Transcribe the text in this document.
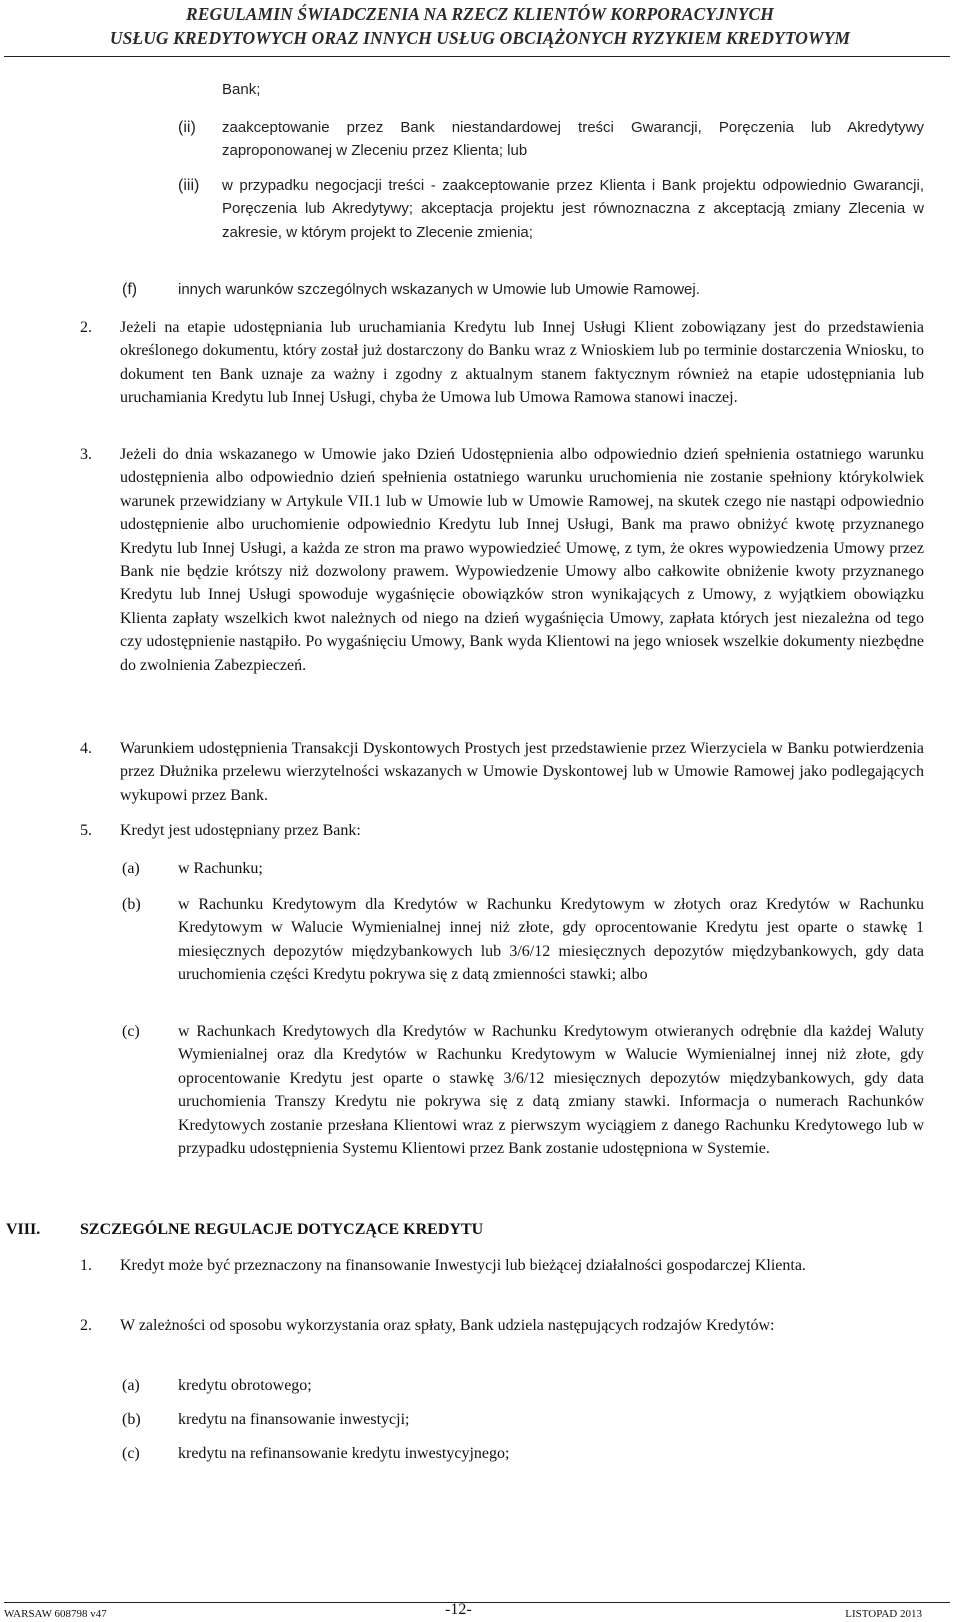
REGULAMIN ŚWIADCZENIA NA RZECZ KLIENTÓW KORPORACYJNYCH
USŁUG KREDYTOWYCH ORAZ INNYCH USŁUG OBCIĄŻONYCH RYZYKIEM KREDYTOWYM
Bank;
(ii) zaakceptowanie przez Bank niestandardowej treści Gwarancji, Poręczenia lub Akredytywy zaproponowanej w Zleceniu przez Klienta; lub
(iii) w przypadku negocjacji treści - zaakceptowanie przez Klienta i Bank projektu odpowiednio Gwarancji, Poręczenia lub Akredytywy; akceptacja projektu jest równoznaczna z akceptacją zmiany Zlecenia w zakresie, w którym projekt to Zlecenie zmienia;
(f)	innych warunków szczególnych wskazanych w Umowie lub Umowie Ramowej.
2. Jeżeli na etapie udostępniania lub uruchamiania Kredytu lub Innej Usługi Klient zobowiązany jest do przedstawienia określonego dokumentu, który został już dostarczony do Banku wraz z Wnioskiem lub po terminie dostarczenia Wniosku, to dokument ten Bank uznaje za ważny i zgodny z aktualnym stanem faktycznym również na etapie udostępniania lub uruchamiania Kredytu lub Innej Usługi, chyba że Umowa lub Umowa Ramowa stanowi inaczej.
3. Jeżeli do dnia wskazanego w Umowie jako Dzień Udostępnienia albo odpowiednio dzień spełnienia ostatniego warunku udostępnienia albo odpowiednio dzień spełnienia ostatniego warunku uruchomienia nie zostanie spełniony którykolwiek warunek przewidziany w Artykule VII.1 lub w Umowie lub w Umowie Ramowej, na skutek czego nie nastąpi odpowiednio udostępnienie albo uruchomienie odpowiednio Kredytu lub Innej Usługi, Bank ma prawo obniżyć kwotę przyznanego Kredytu lub Innej Usługi, a każda ze stron ma prawo wypowiedzieć Umowę, z tym, że okres wypowiedzenia Umowy przez Bank nie będzie krótszy niż dozwolony prawem. Wypowiedzenie Umowy albo całkowite obniżenie kwoty przyznanego Kredytu lub Innej Usługi spowoduje wygaśnięcie obowiązków stron wynikających z Umowy, z wyjątkiem obowiązku Klienta zapłaty wszelkich kwot należnych od niego na dzień wygaśnięcia Umowy, zapłata których jest niezależna od tego czy udostępnienie nastąpiło. Po wygaśnięciu Umowy, Bank wyda Klientowi na jego wniosek wszelkie dokumenty niezbędne do zwolnienia Zabezpieczeń.
4. Warunkiem udostępnienia Transakcji Dyskontowych Prostych jest przedstawienie przez Wierzyciela w Banku potwierdzenia przez Dłużnika przelewu wierzytelności wskazanych w Umowie Dyskontowej lub w Umowie Ramowej jako podlegających wykupowi przez Bank.
5. Kredyt jest udostępniany przez Bank:
(a) w Rachunku;
(b) w Rachunku Kredytowym dla Kredytów w Rachunku Kredytowym w złotych oraz Kredytów w Rachunku Kredytowym w Walucie Wymienialnej innej niż złote, gdy oprocentowanie Kredytu jest oparte o stawkę 1 miesięcznych depozytów międzybankowych lub 3/6/12 miesięcznych depozytów międzybankowych, gdy data uruchomienia części Kredytu pokrywa się z datą zmienności stawki; albo
(c) w Rachunkach Kredytowych dla Kredytów w Rachunku Kredytowym otwieranych odrębnie dla każdej Waluty Wymienialnej oraz dla Kredytów w Rachunku Kredytowym w Walucie Wymienialnej innej niż złote, gdy oprocentowanie Kredytu jest oparte o stawkę 3/6/12 miesięcznych depozytów międzybankowych, gdy data uruchomienia Transzy Kredytu nie pokrywa się z datą zmiany stawki. Informacja o numerach Rachunków Kredytowych zostanie przesłana Klientowi wraz z pierwszym wyciągiem z danego Rachunku Kredytowego lub w przypadku udostępnienia Systemu Klientowi przez Bank zostanie udostępniona w Systemie.
VIII. SZCZEGÓLNE REGULACJE DOTYCZĄCE KREDYTU
1. Kredyt może być przeznaczony na finansowanie Inwestycji lub bieżącej działalności gospodarczej Klienta.
2. W zależności od sposobu wykorzystania oraz spłaty, Bank udziela następujących rodzajów Kredytów:
(a) kredytu obrotowego;
(b) kredytu na finansowanie inwestycji;
(c) kredytu na refinansowanie kredytu inwestycyjnego;
WARSAW 608798 v47	-12-	LISTOPAD 2013
